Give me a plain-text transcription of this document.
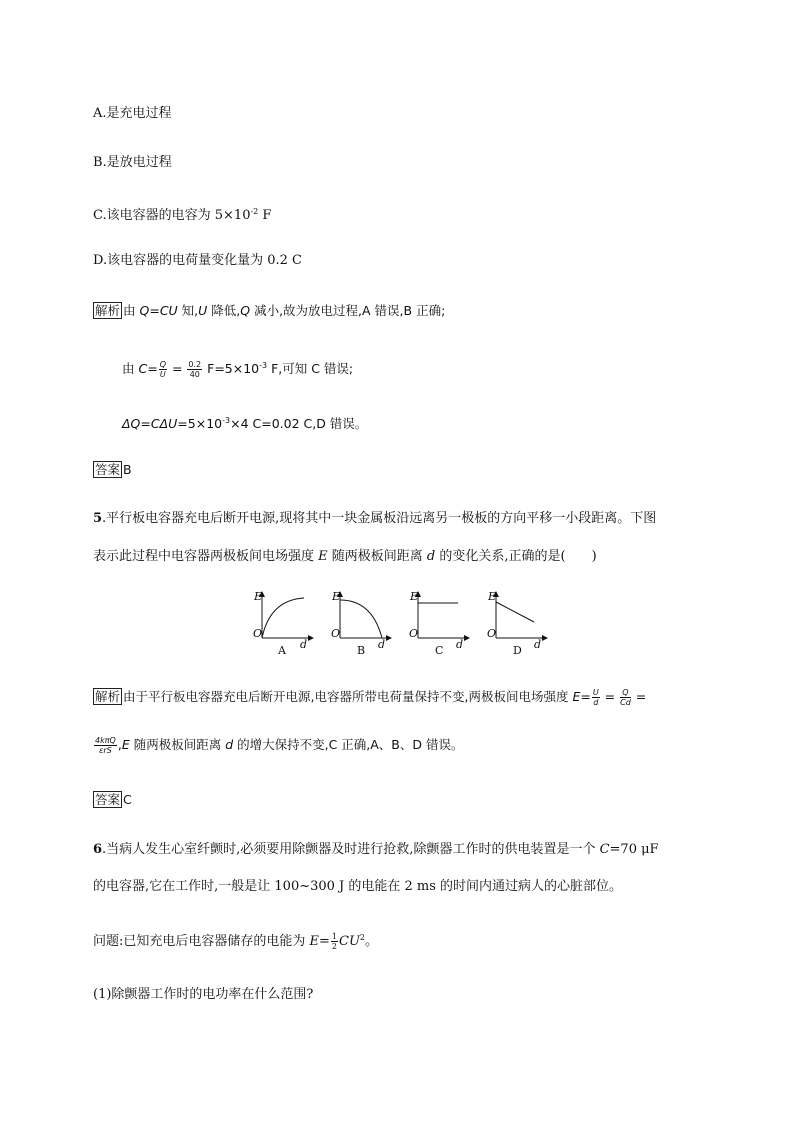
A.是充电过程
B.是放电过程
C.该电容器的电容为 $5\times 10^{-2}$ F
D.该电容器的电荷量变化量为 0.2 C
解析 由 Q=CU 知,U 降低,Q 减小,故为放电过程,A 错误,B 正确;
由 $C= \frac{Q}{U} = \frac{0.2}{40} F=5\times 10^{-3}$ F,可知 C 错误;
$\Delta Q=C\Delta U=5\times 10^{-3}\times 4$ C=0.02 C,D 错误。
答案 B
5.平行板电容器充电后断开电源,现将其中一块金属板沿远离另一极板的方向平移一小段距离。下图
表示此过程中电容器两极板间电场强度 E 随两极板间距离 d 的变化关系,正确的是(　　)
E
O
d
A
E
O
d
B
E
O
d
C
E
O
d
D
解析 由于平行板电容器充电后断开电源,电容器所带电荷量保持不变,两极板间电场强度 $E= \frac{U}{d} = \frac{Q}{Cd}$ =
$\frac{\text{4kπQ}}{\text{εrS}} ,E$ 随两极板间距离 d 的增大保持不变,C 正确,A、B、D 错误。
答案 C
6.当病人发生心室纤颤时,必须要用除颤器及时进行抢救,除颤器工作时的供电装置是一个 C=70 μF
的电容器,它在工作时,一般是让 100~300 J 的电能在 2 ms 的时间内通过病人的心脏部位。
问题:已知充电后电容器储存的电能为 $E= \frac{1}{2} CU^2$。
(1)除颤器工作时的电功率在什么范围?
